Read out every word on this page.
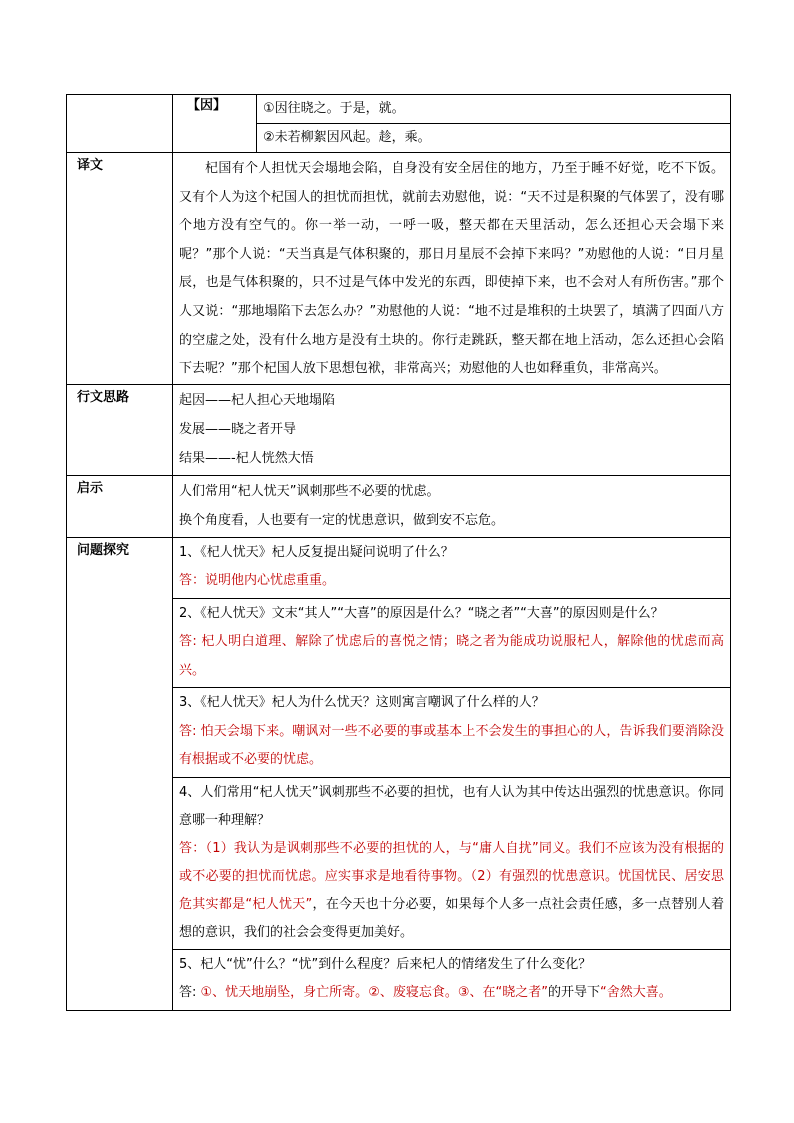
	【因】	①因往晓之。于是，就。
		②未若柳絮因风起。趁，乘。
译文	杞国有个人担忧天会塌地会陷，自身没有安全居住的地方，乃至于睡不好觉，吃不下饭。又有个人为这个杞国人的担忧而担忧，就前去劝慰他，说：“天不过是积聚的气体罢了，没有哪个地方没有空气的。你一举一动，一呼一吸，整天都在天里活动，怎么还担心天会塌下来呢？”那个人说：“天当真是气体积聚的，那日月星辰不会掉下来吗？”劝慰他的人说：“日月星辰，也是气体积聚的，只不过是气体中发光的东西，即使掉下来，也不会对人有所伤害。”那个人又说：“那地塌陷下去怎么办？”劝慰他的人说：“地不过是堆积的土块罢了，填满了四面八方的空虚之处，没有什么地方是没有土块的。你行走跳跃，整天都在地上活动，怎么还担心会陷下去呢？”那个杞国人放下思想包袱，非常高兴；劝慰他的人也如释重负，非常高兴。	
行文思路	起因——杞人担心天地塌陷
发展——晓之者开导
结果——-杞人恍然大悟	

启示	人们常用“杞人忧天”讽刺那些不必要的忧虑。
换个角度看，人也要有一定的忧患意识，做到安不忘危。	

问题探究	1、《杞人忧天》杞人反复提出疑问说明了什么？
答：说明他内心忧虑重重。	

	2、《杞人忧天》文末“其人”“大喜”的原因是什么？“晓之者”“大喜”的原因则是什么？
答: 杞人明白道理、解除了忧虑后的喜悦之情；晓之者为能成功说服杞人，解除他的忧虑而高兴。	

	3、《杞人忧天》杞人为什么忧天？这则寓言嘲讽了什么样的人？
答: 怕天会塌下来。嘲讽对一些不必要的事或基本上不会发生的事担心的人，告诉我们要消除没有根据或不必要的忧虑。	

	4、人们常用“杞人忧天”讽刺那些不必要的担忧，也有人认为其中传达出强烈的忧患意识。你同意哪一种理解？
答：（1）我认为是讽刺那些不必要的担忧的人，与“庸人自扰”同义。我们不应该为没有根据的或不必要的担忧而忧虑。应实事求是地看待事物。（2）有强烈的忧患意识。忧国忧民、居安思危其实都是“杞人忧天”，在今天也十分必要，如果每个人多一点社会责任感，多一点替别人着想的意识，我们的社会会变得更加美好。	

	5、杞人“忧”什么？“忧”到什么程度？后来杞人的情绪发生了什么变化？
答: ①、忧天地崩坠，身亡所寄。②、废寝忘食。③、在“晓之者”的开导下“舍然大喜。	
